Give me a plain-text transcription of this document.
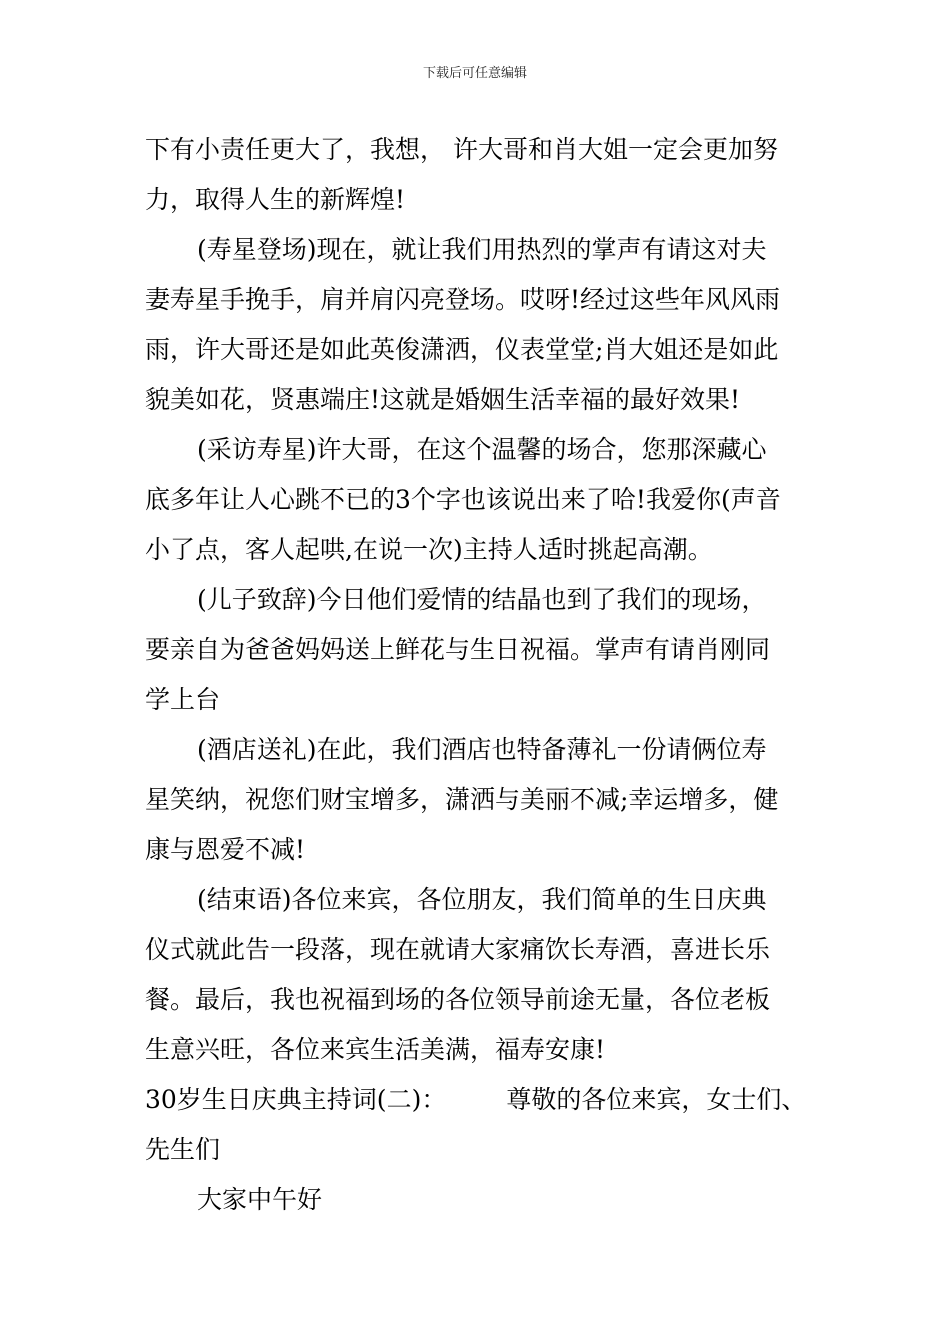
下载后可任意编辑
下有小责任更大了，我想， 许大哥和肖大姐一定会更加努
力，取得人生的新辉煌!
(寿星登场)现在，就让我们用热烈的掌声有请这对夫
妻寿星手挽手，肩并肩闪亮登场。哎呀!经过这些年风风雨
雨，许大哥还是如此英俊潇洒，仪表堂堂;肖大姐还是如此
貌美如花，贤惠端庄!这就是婚姻生活幸福的最好效果!
(采访寿星)许大哥，在这个温馨的场合，您那深藏心
底多年让人心跳不已的3个字也该说出来了哈!我爱你(声音
小了点，客人起哄,在说一次)主持人适时挑起高潮。
(儿子致辞)今日他们爱情的结晶也到了我们的现场，
要亲自为爸爸妈妈送上鲜花与生日祝福。掌声有请肖刚同
学上台
(酒店送礼)在此，我们酒店也特备薄礼一份请俩位寿
星笑纳，祝您们财宝增多，潇洒与美丽不减;幸运增多，健
康与恩爱不减!
(结束语)各位来宾，各位朋友，我们简单的生日庆典
仪式就此告一段落，现在就请大家痛饮长寿酒，喜进长乐
餐。最后，我也祝福到场的各位领导前途无量，各位老板
生意兴旺，各位来宾生活美满，福寿安康!
30岁生日庆典主持词(二)： 尊敬的各位来宾，女士们、
先生们
大家中午好
